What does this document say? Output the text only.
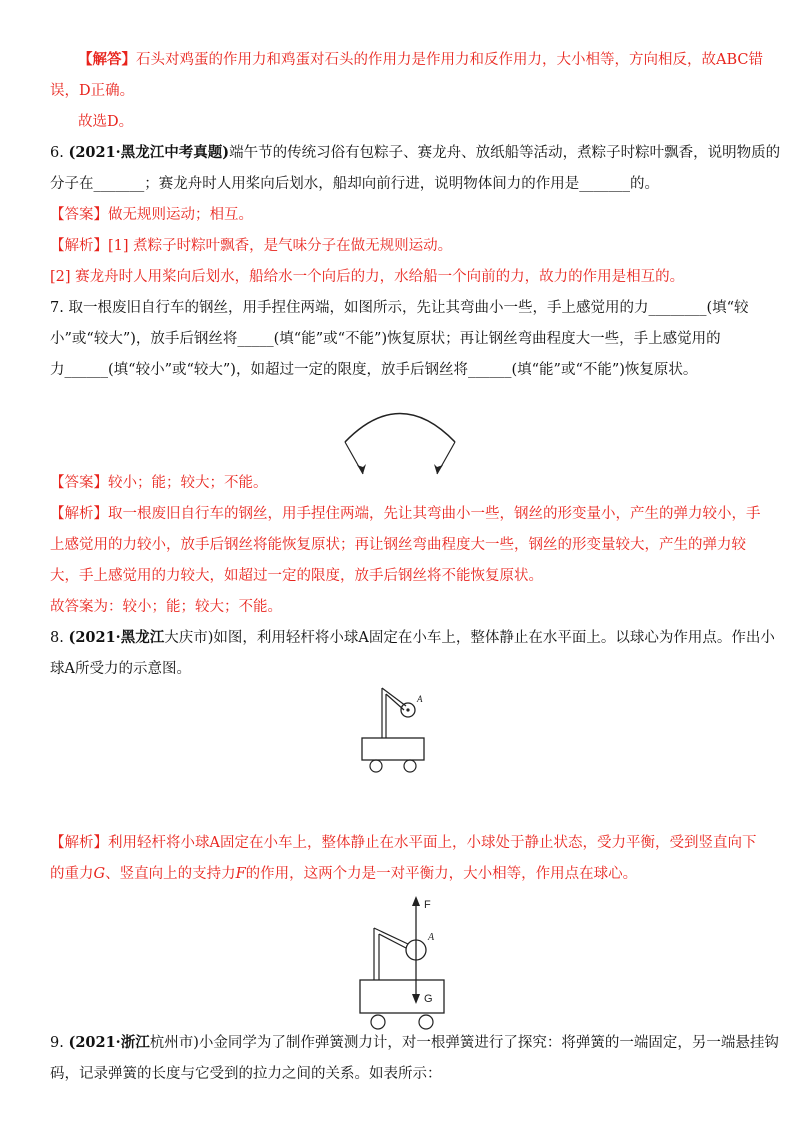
【解答】石头对鸡蛋的作用力和鸡蛋对石头的作用力是作用力和反作用力，大小相等，方向相反，故ABC错
误，D正确。
故选D。
6. (2021·黑龙江中考真题)端午节的传统习俗有包粽子、赛龙舟、放纸船等活动，煮粽子时粽叶飘香，说明物质的
分子在_______；赛龙舟时人用桨向后划水，船却向前行进，说明物体间力的作用是_______的。
【答案】做无规则运动；相互。
【解析】[1] 煮粽子时粽叶飘香，是气味分子在做无规则运动。
[2] 赛龙舟时人用桨向后划水，船给水一个向后的力，水给船一个向前的力，故力的作用是相互的。
7. 取一根废旧自行车的钢丝，用手捏住两端，如图所示，先让其弯曲小一些，手上感觉用的力________(填“较
小”或“较大”)，放手后钢丝将_____(填“能”或“不能”)恢复原状；再让钢丝弯曲程度大一些，手上感觉用的
力______(填“较小”或“较大”)，如超过一定的限度，放手后钢丝将______(填“能”或“不能”)恢复原状。
【答案】较小；能；较大；不能。
【解析】取一根废旧自行车的钢丝，用手捏住两端，先让其弯曲小一些，钢丝的形变量小，产生的弹力较小，手
上感觉用的力较小，放手后钢丝将能恢复原状；再让钢丝弯曲程度大一些，钢丝的形变量较大，产生的弹力较
大，手上感觉用的力较大，如超过一定的限度，放手后钢丝将不能恢复原状。
故答案为：较小；能；较大；不能。
8. (2021·黑龙江大庆市)如图，利用轻杆将小球A固定在小车上，整体静止在水平面上。以球心为作用点。作出小
球A所受力的示意图。
A
【解析】利用轻杆将小球A固定在小车上，整体静止在水平面上，小球处于静止状态，受力平衡，受到竖直向下
的重力G、竖直向上的支持力F的作用，这两个力是一对平衡力，大小相等，作用点在球心。
F
A
G
9. (2021·浙江杭州市)小金同学为了制作弹簧测力计，对一根弹簧进行了探究：将弹簧的一端固定，另一端悬挂钩
码，记录弹簧的长度与它受到的拉力之间的关系。如表所示：
